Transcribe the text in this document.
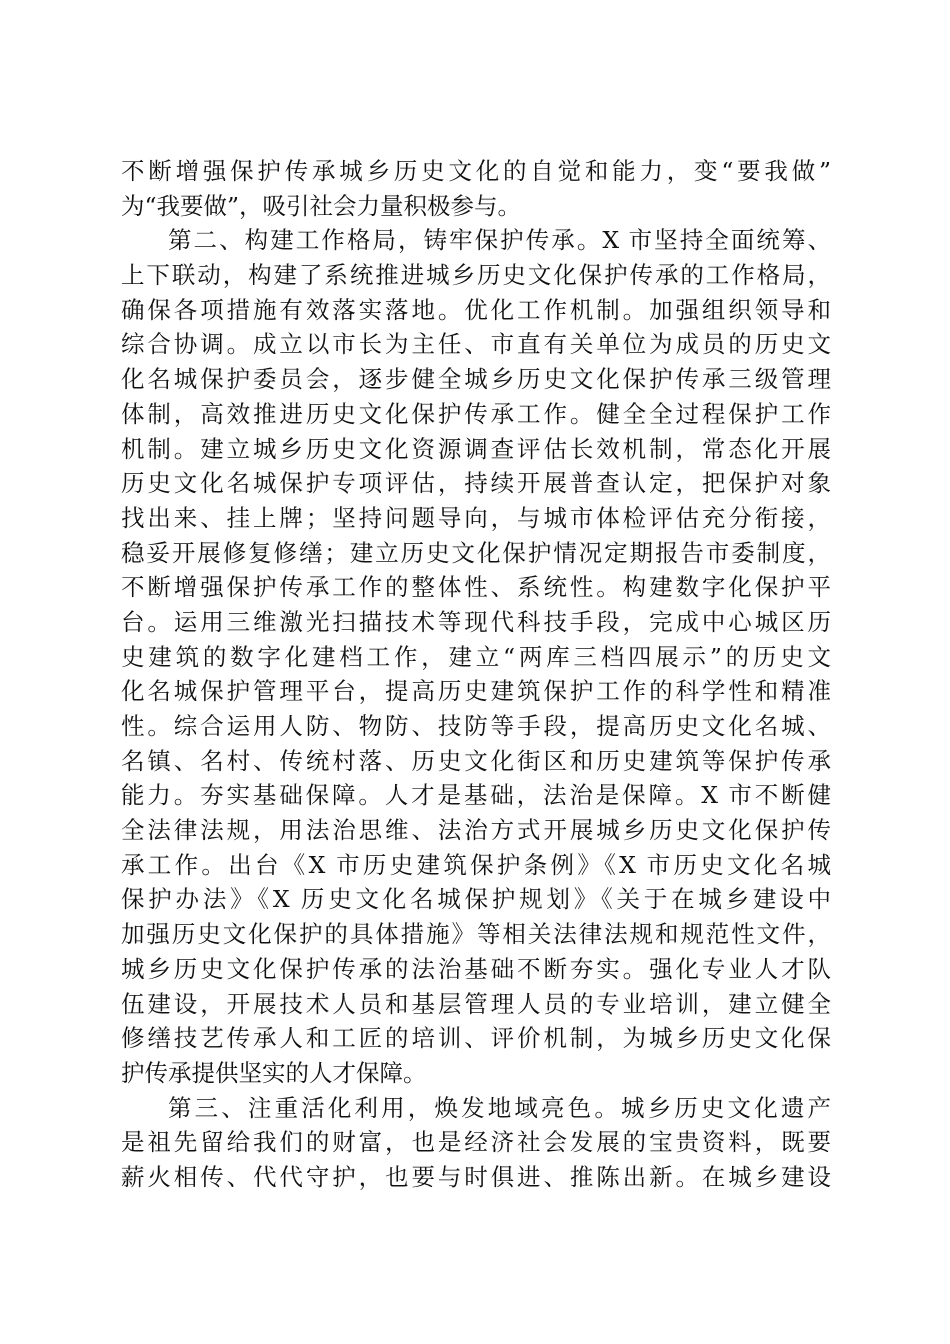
不断增强保护传承城乡历史文化的自觉和能力，变“要我做”
为“我要做”，吸引社会力量积极参与。
第二、构建工作格局，铸牢保护传承。X 市坚持全面统筹、
上下联动，构建了系统推进城乡历史文化保护传承的工作格局，
确保各项措施有效落实落地。优化工作机制。加强组织领导和
综合协调。成立以市长为主任、市直有关单位为成员的历史文
化名城保护委员会，逐步健全城乡历史文化保护传承三级管理
体制，高效推进历史文化保护传承工作。健全全过程保护工作
机制。建立城乡历史文化资源调查评估长效机制，常态化开展
历史文化名城保护专项评估，持续开展普查认定，把保护对象
找出来、挂上牌；坚持问题导向，与城市体检评估充分衔接，
稳妥开展修复修缮；建立历史文化保护情况定期报告市委制度，
不断增强保护传承工作的整体性、系统性。构建数字化保护平
台。运用三维激光扫描技术等现代科技手段，完成中心城区历
史建筑的数字化建档工作，建立“两库三档四展示”的历史文
化名城保护管理平台，提高历史建筑保护工作的科学性和精准
性。综合运用人防、物防、技防等手段，提高历史文化名城、
名镇、名村、传统村落、历史文化街区和历史建筑等保护传承
能力。夯实基础保障。人才是基础，法治是保障。X 市不断健
全法律法规，用法治思维、法治方式开展城乡历史文化保护传
承工作。出台《X 市历史建筑保护条例》《X 市历史文化名城
保护办法》《X 历史文化名城保护规划》《关于在城乡建设中
加强历史文化保护的具体措施》等相关法律法规和规范性文件，
城乡历史文化保护传承的法治基础不断夯实。强化专业人才队
伍建设，开展技术人员和基层管理人员的专业培训，建立健全
修缮技艺传承人和工匠的培训、评价机制，为城乡历史文化保
护传承提供坚实的人才保障。
第三、注重活化利用，焕发地域亮色。城乡历史文化遗产
是祖先留给我们的财富，也是经济社会发展的宝贵资料，既要
薪火相传、代代守护，也要与时俱进、推陈出新。在城乡建设
